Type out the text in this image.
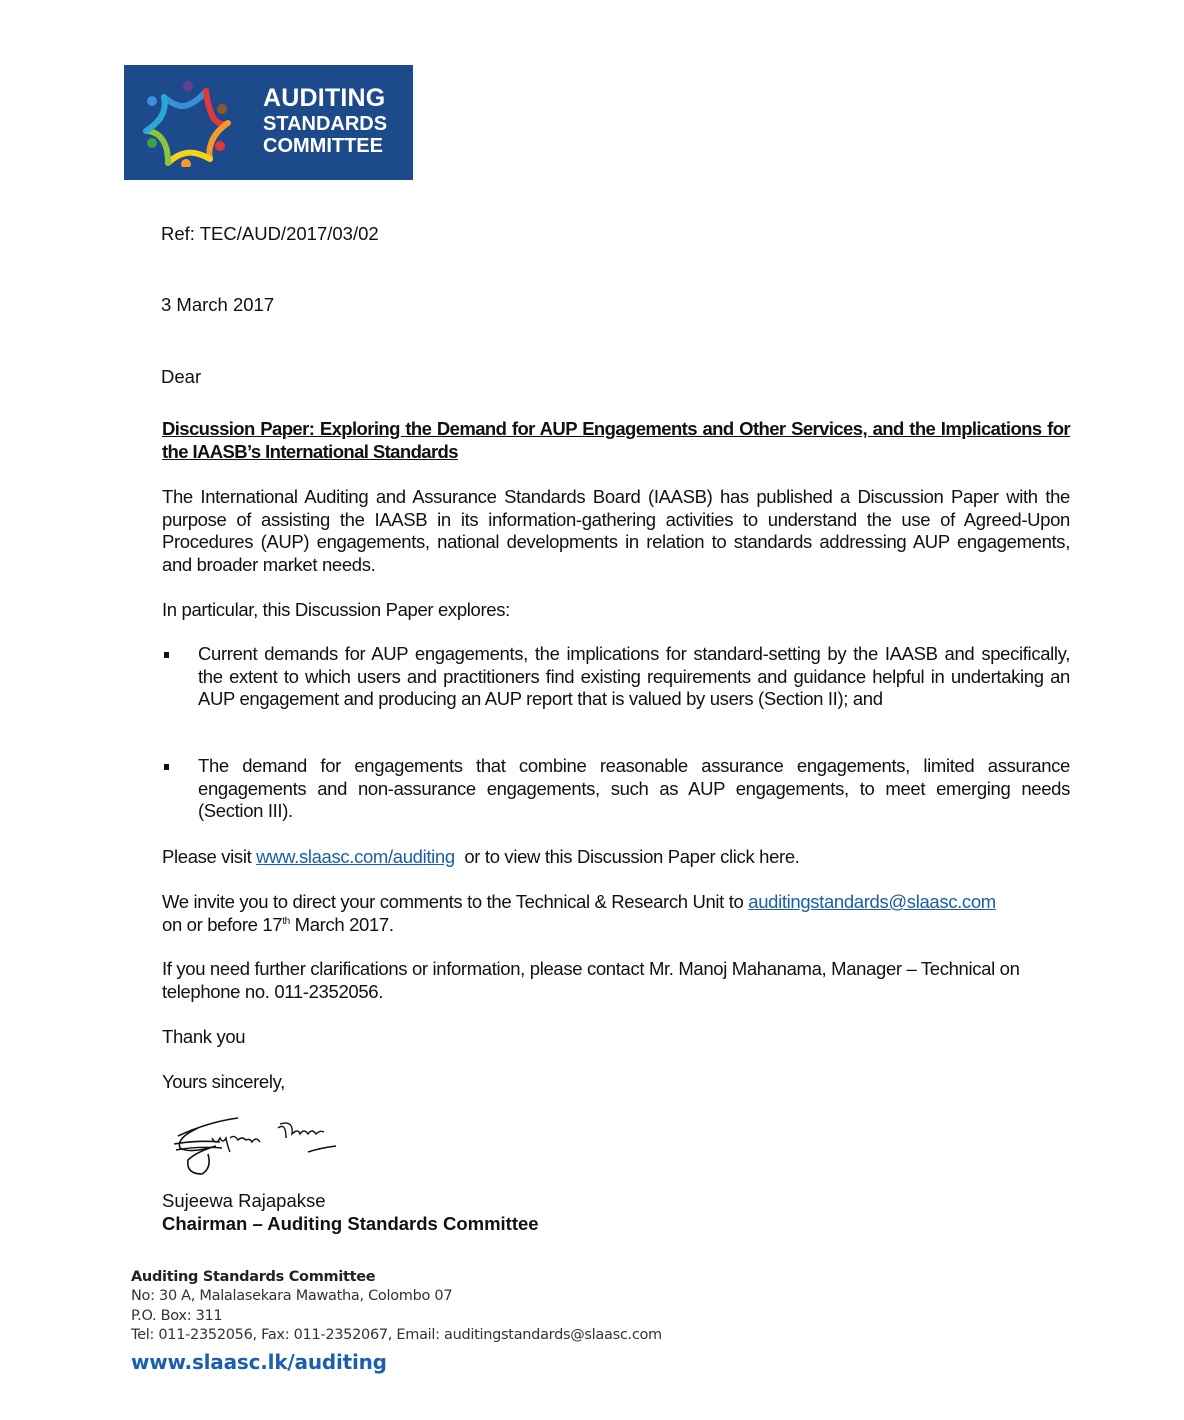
AUDITING
STANDARDS
COMMITTEE
Ref: TEC/AUD/2017/03/02
3 March 2017
Dear
Discussion Paper: Exploring the Demand for AUP Engagements and Other Services, and the Implications for the IAASB’s International Standards
The International Auditing and Assurance Standards Board (IAASB) has published a Discussion Paper with the purpose of assisting the IAASB in its information-gathering activities to understand the use of Agreed-Upon Procedures (AUP) engagements, national developments in relation to standards addressing AUP engagements, and broader market needs.
In particular, this Discussion Paper explores:
Current demands for AUP engagements, the implications for standard-setting by the IAASB and specifically, the extent to which users and practitioners find existing requirements and guidance helpful in undertaking an AUP engagement and producing an AUP report that is valued by users (Section II); and
The demand for engagements that combine reasonable assurance engagements, limited assurance engagements and non-assurance engagements, such as AUP engagements, to meet emerging needs (Section III).
Please visit www.slaasc.com/auditing  or to view this Discussion Paper click here.
We invite you to direct your comments to the Technical & Research Unit to auditingstandards@slaasc.com
on or before 17th March 2017.
If you need further clarifications or information, please contact Mr. Manoj Mahanama, Manager – Technical on telephone no. 011-2352056.
Thank you
Yours sincerely,
Sujeewa Rajapakse
Chairman – Auditing Standards Committee
Auditing Standards Committee
No: 30 A, Malalasekara Mawatha, Colombo 07
P.O. Box: 311
Tel: 011-2352056, Fax: 011-2352067, Email: auditingstandards@slaasc.com
www.slaasc.lk/auditing
